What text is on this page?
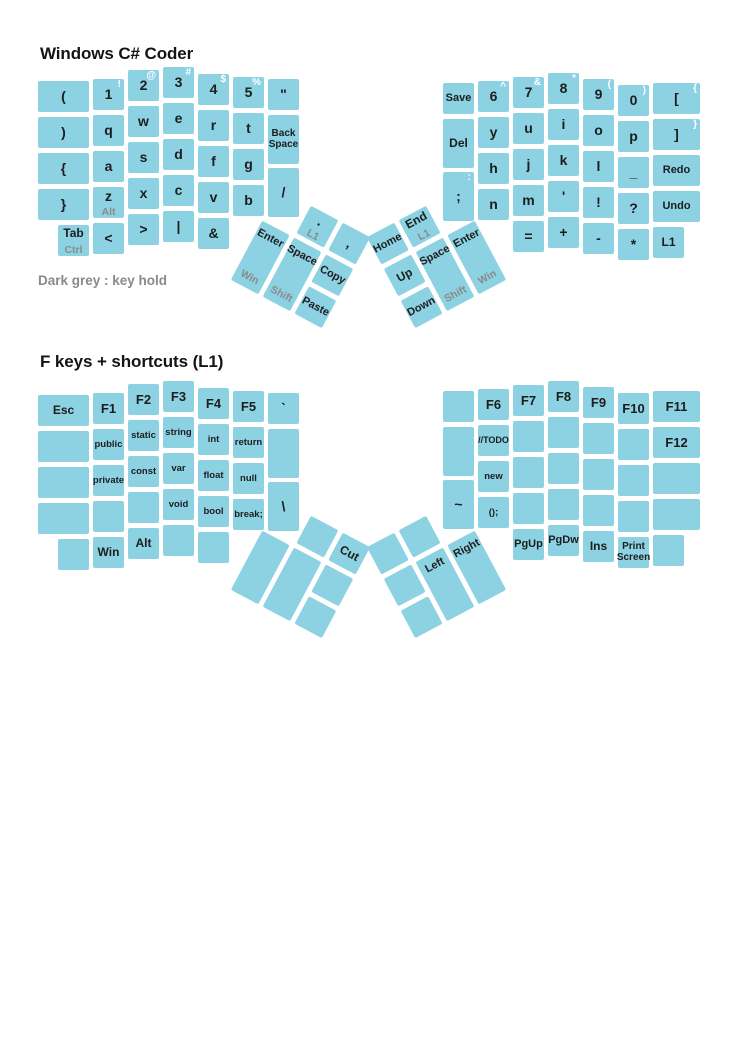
Windows C# Coder
Dark grey : key hold
F keys + shortcuts (L1)
(
)
{
}
Tab
Ctrl
1
!
q
a
z
Alt
<
2
@
w
s
x
>
3
#
e
d
c
|
4
$
r
f
v
&
5
%
t
g
b
"
Back Space
/
.
L1
,
Enter
Win
Space
Shift
Copy
Paste
Save
Del
;
:
6
^
y
h
n
7
&
u
j
m
=
8
*
i
k
'
+
9
(
o
l
!
-
0
)
p
_
?
*
[
{
]
}
Redo
Undo
L1
Home
End
L1
Space
Shift
Enter
Win
Up
Down
Esc	F1
public
private
Win
F2
static
const
Alt
F3
string
var
void
F4
int
float
bool
F5
return
null
break;
`
\
Cut
~
F6
//TODO
new
();
F7
PgUp
F8
PgDw
F9
Ins
F10
Print Screen
F11
F12
Left
Right
